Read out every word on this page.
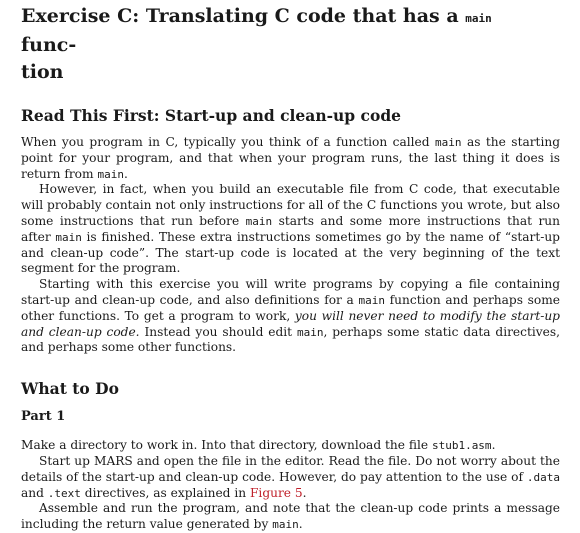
Exercise C: Translating C code that has a main func-
tion
Read This First: Start-up and clean-up code

When you program in C, typically you think of a function called main as the starting point for your program, and that when your program runs, the last thing it does is return from main.

However, in fact, when you build an executable file from C code, that executable will probably contain not only instructions for all of the C functions you wrote, but also some instructions that run before main starts and some more instructions that run after main is finished. These extra instructions sometimes go by the name of “start-up and clean-up code”. The start-up code is located at the very beginning of the text segment for the program.

Starting with this exercise you will write programs by copying a file containing start-up and clean-up code, and also definitions for a main function and perhaps some other functions. To get a program to work, you will never need to modify the start-up and clean-up code. Instead you should edit main, perhaps some static data directives, and perhaps some other functions.

What to Do
Part 1

Make a directory to work in. Into that directory, download the file stub1.asm.

Start up MARS and open the file in the editor. Read the file. Do not worry about the details of the start-up and clean-up code. However, do pay attention to the use of .data and .text directives, as explained in Figure 5.

Assemble and run the program, and note that the clean-up code prints a message including the return value generated by main.
